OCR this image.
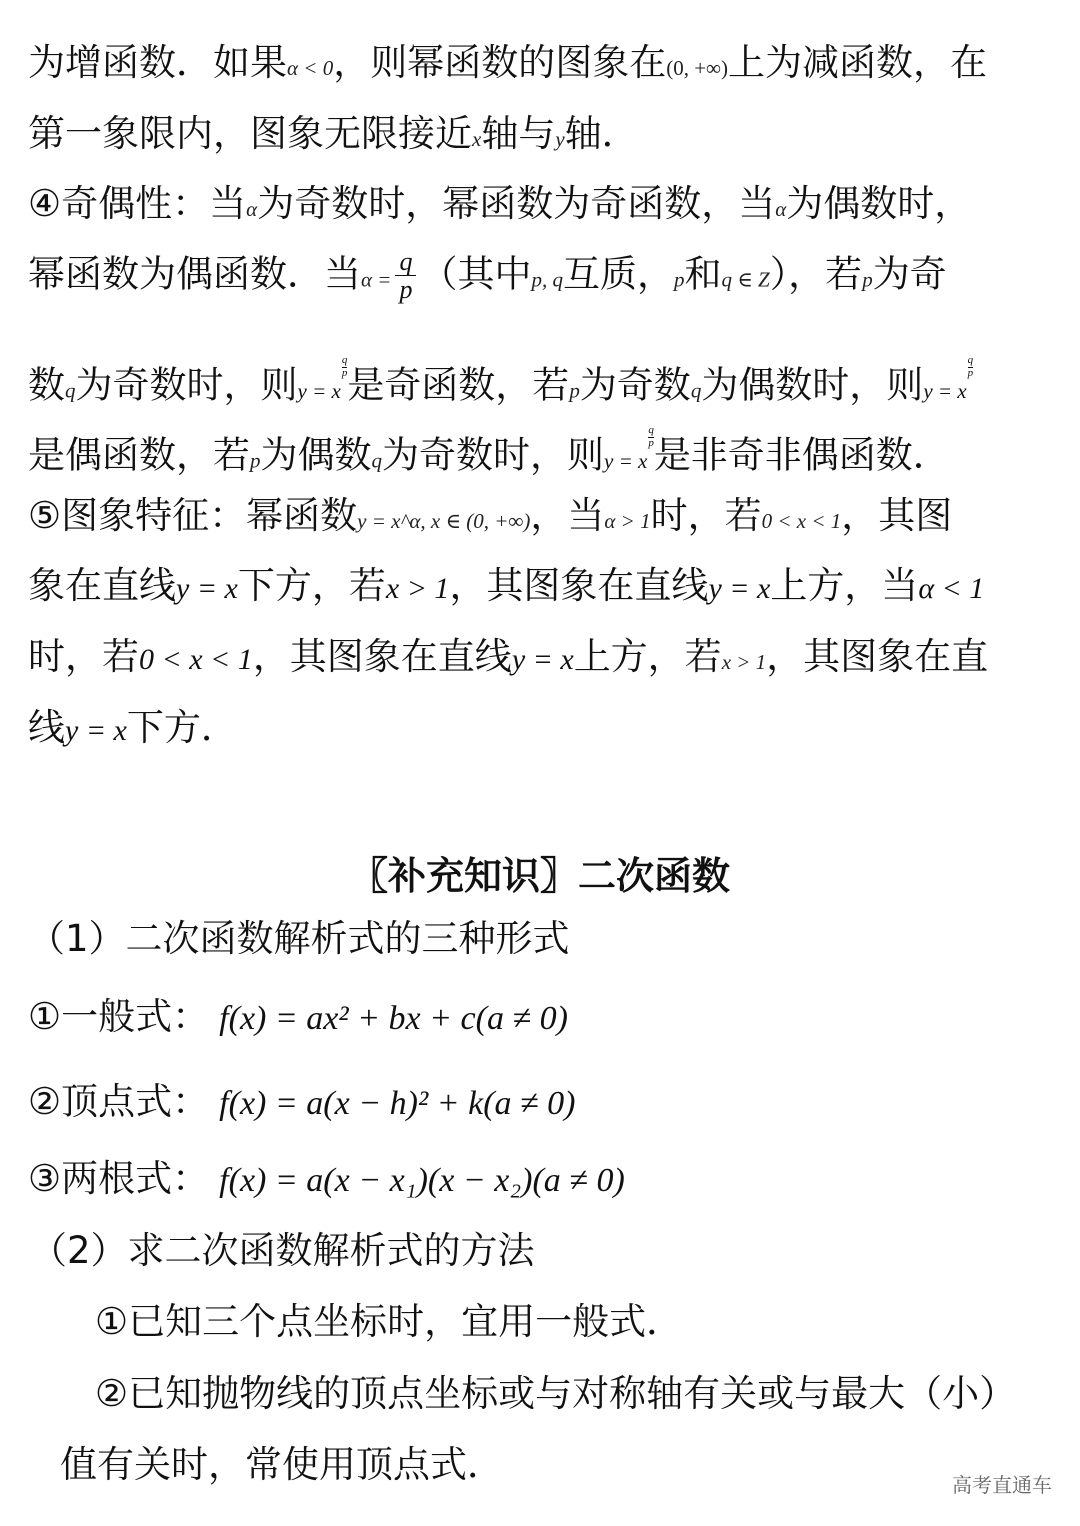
为增函数．如果α < 0，则幂函数的图象在(0, +∞)上为减函数，在
第一象限内，图象无限接近x轴与y轴．
④奇偶性：当α为奇数时，幂函数为奇函数，当α为偶数时，
幂函数为偶函数．当$\alpha = \frac{q}{p}$ （其中p, q互质，p和q ∈ Z），若p为奇
数q为奇数时，则y = x
$^{\frac{q}{p}}$ 是奇函数，若p为奇数q为偶数时，则y = x
$^{\frac{q}{p}}$
是偶函数，若p为偶数q为奇数时，则y = x
$^{\frac{q}{p}}$ 是非奇非偶函数．
⑤图象特征：幂函数y = x^α, x ∈ (0, +∞)，当α > 1时，若0 < x < 1，其图
象在直线y = x下方，若x > 1，其图象在直线y = x上方，当α < 1
时，若0 < x < 1，其图象在直线y = x上方，若x > 1，其图象在直
线y = x下方．
〖补充知识〗二次函数
（1）二次函数解析式的三种形式
①一般式： f(x) = ax² + bx + c(a ≠ 0)
②顶点式： f(x) = a(x − h)² + k(a ≠ 0)
③两根式： f(x) = a(x − x₁)(x − x₂)(a ≠ 0)
（2）求二次函数解析式的方法
①已知三个点坐标时，宜用一般式．
②已知抛物线的顶点坐标或与对称轴有关或与最大（小）
值有关时，常使用顶点式．	高考直通车
